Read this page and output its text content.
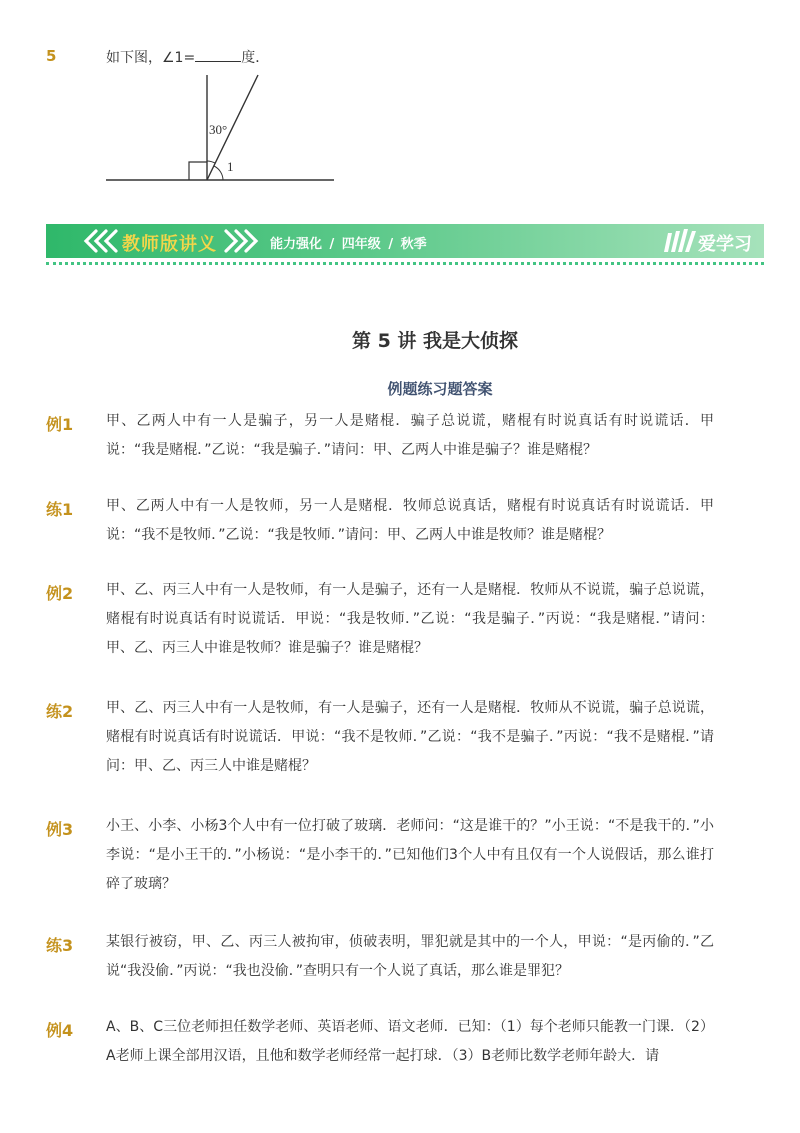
5	如下图，∠1=	度．
30°
1
教师版讲义	能力强化 / 四年级 / 秋季	爱学习
第 5 讲 我是大侦探
例题练习题答案
例1 甲、乙两人中有一人是骗子，另一人是赌棍．骗子总说谎，赌棍有时说真话有时说谎话．甲说：“我是赌棍．”乙说：“我是骗子．”请问：甲、乙两人中谁是骗子？谁是赌棍？
练1 甲、乙两人中有一人是牧师，另一人是赌棍．牧师总说真话，赌棍有时说真话有时说谎话．甲说：“我不是牧师．”乙说：“我是牧师．”请问：甲、乙两人中谁是牧师？谁是赌棍？
例2 甲、乙、丙三人中有一人是牧师，有一人是骗子，还有一人是赌棍．牧师从不说谎，骗子总说谎，赌棍有时说真话有时说谎话．甲说：“我是牧师．”乙说：“我是骗子．”丙说：“我是赌棍．”请问：甲、乙、丙三人中谁是牧师？谁是骗子？谁是赌棍？
练2 甲、乙、丙三人中有一人是牧师，有一人是骗子，还有一人是赌棍．牧师从不说谎，骗子总说谎，赌棍有时说真话有时说谎话．甲说：“我不是牧师．”乙说：“我不是骗子．”丙说：“我不是赌棍．”请问：甲、乙、丙三人中谁是赌棍？
例3 小王、小李、小杨3个人中有一位打破了玻璃．老师问：“这是谁干的？”小王说：“不是我干的．”小李说：“是小王干的．”小杨说：“是小李干的．”已知他们3个人中有且仅有一个人说假话，那么谁打碎了玻璃？
练3 某银行被窃，甲、乙、丙三人被拘审，侦破表明，罪犯就是其中的一个人，甲说：“是丙偷的．”乙说“我没偷．”丙说：“我也没偷．”查明只有一个人说了真话，那么谁是罪犯？
例4 A、B、C三位老师担任数学老师、英语老师、语文老师．已知：（1）每个老师只能教一门课．（2）A老师上课全部用汉语，且他和数学老师经常一起打球．（3）B老师比数学老师年龄大．请
